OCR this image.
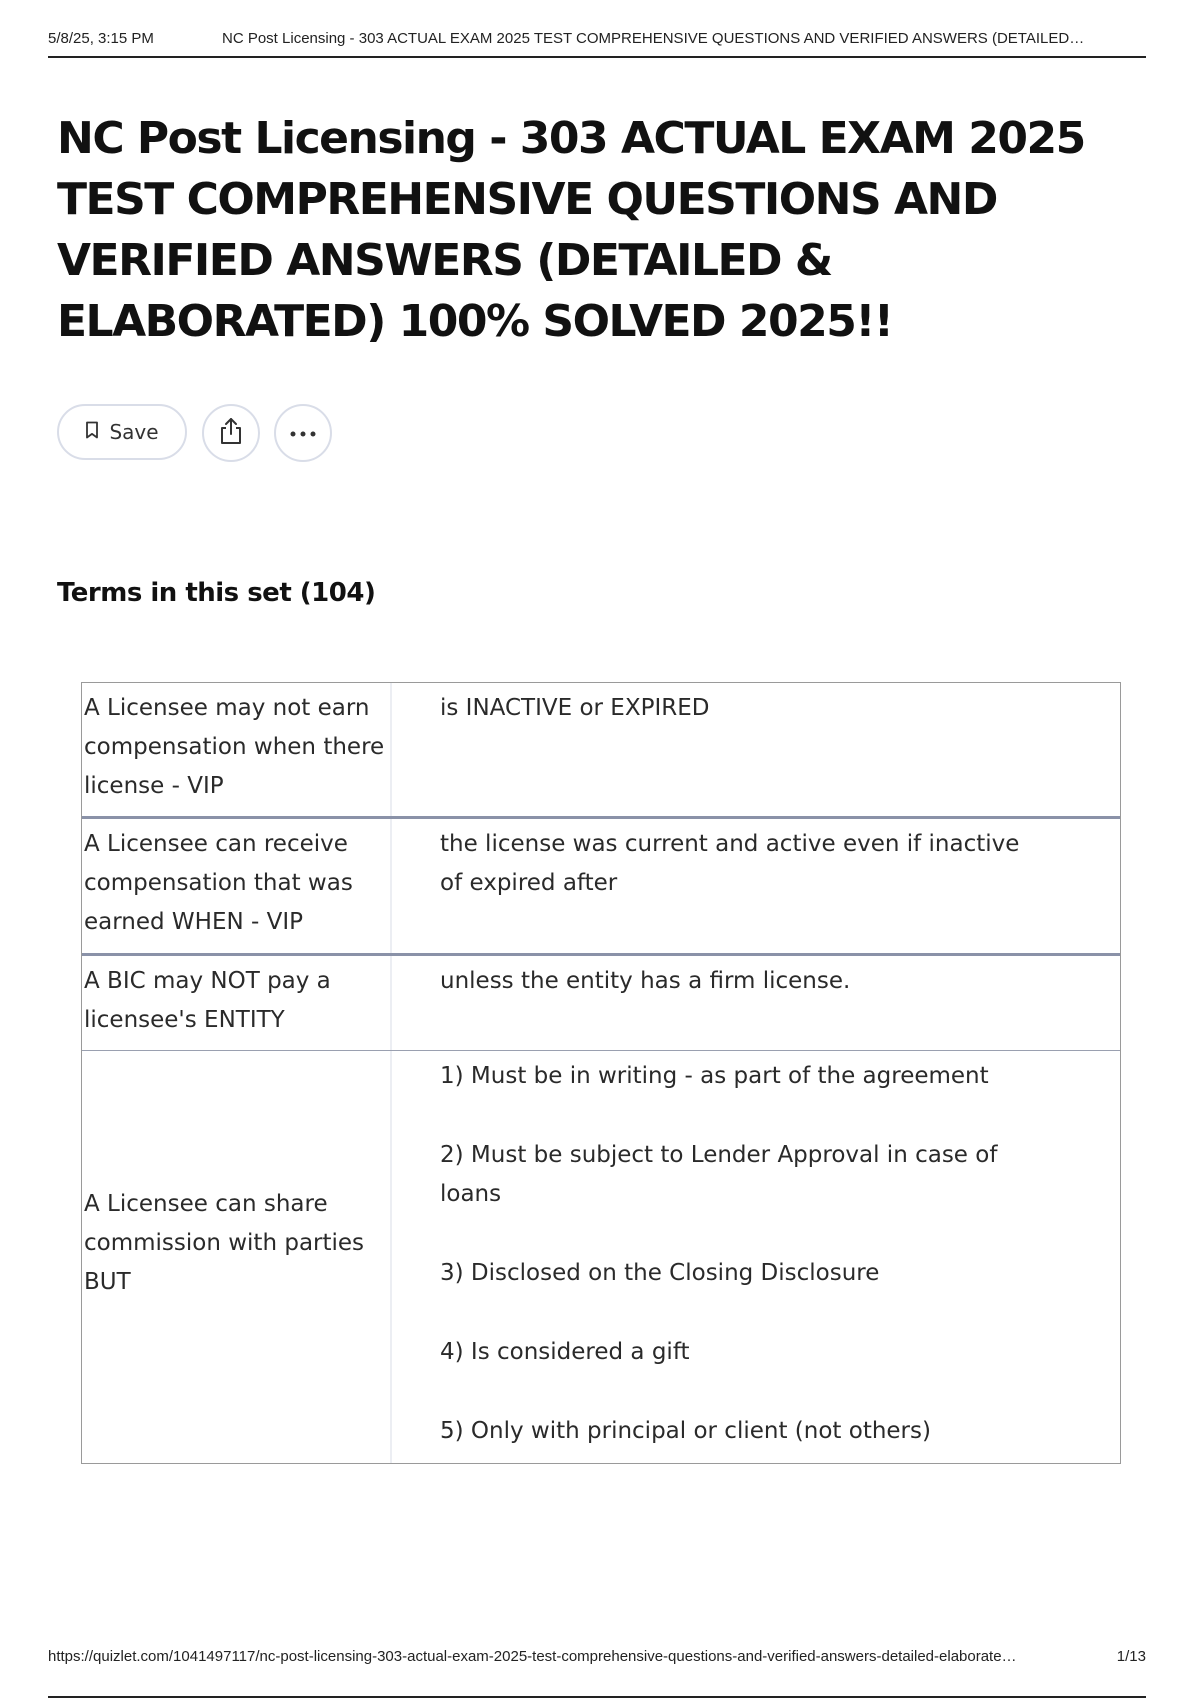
5/8/25, 3:15 PM	NC Post Licensing - 303 ACTUAL EXAM 2025 TEST COMPREHENSIVE QUESTIONS AND VERIFIED ANSWERS (DETAILED…
NC Post Licensing - 303 ACTUAL EXAM 2025 TEST COMPREHENSIVE QUESTIONS AND VERIFIED ANSWERS (DETAILED & ELABORATED) 100% SOLVED 2025!!
Save
Terms in this set (104)
A Licensee may not earn compensation when there license - VIP

is INACTIVE or EXPIRED

A Licensee can receive compensation that was earned WHEN - VIP

the license was current and active even if inactive of expired after

A BIC may NOT pay a licensee's ENTITY

unless the entity has a firm license.

A Licensee can share commission with parties BUT

1) Must be in writing - as part of the agreement

2) Must be subject to Lender Approval in case of loans

3) Disclosed on the Closing Disclosure

4) Is considered a gift

5) Only with principal or client (not others)

https://quizlet.com/1041497117/nc-post-licensing-303-actual-exam-2025-test-comprehensive-questions-and-verified-answers-detailed-elaborate…	1/13
